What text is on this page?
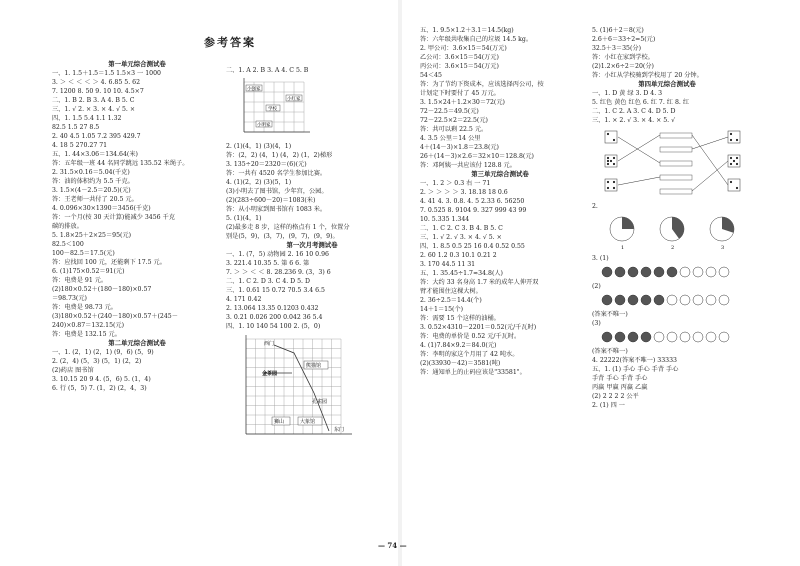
参考答案
第一单元综合测试卷
一、1. 1.5＋1.5＝1.5 1.5×3 一 1000
3. ＞ ＜ ＜ ＜ ＞ 4. 6.85 5. 62
7. 1200 8. 50 9. 10 10. 4.5×7
二、1. B 2. B 3. A 4. B 5. C
三、1. √ 2. × 3. × 4. √ 5. ×
四、1. 1.5 5.4 1.1 1.32
82.5 1.5 27 8.5
2. 40 4.5 1.05 7.2 395 429.7
4. 18 5 270.27 71
五、1. 44×3.06＝134.64(米)
答：五年级一班 44 名同学跳远 135.52 米绳子。
2. 31.5×0.16＝5.04(千克)
答：油的体积约为 5.5 千克。
3. 1.5×(4－2.5＝20.5)(元)
答：王老师一共付了 20.5 元。
4. 0.096×30×1390＝3456(千克)
答：一个月(按 30 天计算)能减少 3456 千克
碳的排放。
5. 1.8×25＋2×25＝95(元)
82.5＜100
100－82.5＝17.5(元)
答：应找回 100 元，还能剩下 17.5 元。
6. (1)175×0.52＝91(元)
答：电费是 91 元。
(2)180×0.52＋(180－180)×0.57
＝98.73(元)
答：电费是 98.73 元。
(3)180×0.52＋(240－180)×0.57＋(245－
240)×0.87＝132.15(元)
答：电费是 132.15 元。
第二单元综合测试卷
一、1. (2，1) (2，1) (9，6) (5，9)
2. (2，4) (5，3) (5，1) (2，2)
(2)药店 图书馆
3. 10.15 20 9 4. (5，6) 5. (1，4)
6. 行 (5，5) 7. (1，2) (2，4，3)
二、1. A 2. B 3. A 4. C 5. B
小强家
小红家
学校
小明家
2. (1)(4，1) (3)(4，1)
答：(2，2) (4，1) (4，2) (1，2)梯形
3. 135÷20＝2320＝(6)(元)
答：一共有 4520 名学生参加比赛。
4. (1)(2，2) (3)(5，1)
(3)小明去了图书馆，少年宫，公园。
(2)(283÷600－20)＝1083(米)
答：从小明家到图书馆有 1083 米。
5. (1)(4，1)
(2)最多走 8 步，这样的格点有 1 个，位置分
别是(5，9)，(3，7)，(9，7)，(9，9)。
第一次月考测试卷
一、1. (7，5) 动物园 2. 16 10 0.96
3. 221.4 10.35 5. 第 6 6. 第
7. ＞ ＞ ＜ ＜ 8. 28.236 9. (3，3) 6
二、1. C 2. D 3. C 4. D 5. D
三、1. 0.61 15 0.72 70.5 3.4 6.5
4. 171 0.42
2. 13.064 13.35 0.1203 0.432
3. 0.21 0.026 200 0.042 36 5.4
四、1. 10 140 54 100 2. (5，0)
西门
金茶园
熊猫馆
孔雀园
狮山	大象馆
东门
五、1. 9.5×1.2＋3.1＝14.5(kg)
答：六年级共收集自己的垃圾 14.5 kg。
2. 甲公司：3.6×15＝54(万元)
乙公司：3.6×15＝54(万元)
丙公司：3.6×15＝54(万元)
54＜45
答：为了节约下资成本，应该选择丙公司，按
计划定下时要付了 45 万元。
3. 1.5×24＋1.2×30＝72(元)
72－22.5＝49.5(元)
72－22.5×2＝22.5(元)
答：共可以剩 22.5 元。
4. 3.5 公里＝14 公里
4＋(14－3)×1.8＝23.8(元)
26＋(14－3)×2.6＝32×10＝128.8(元)
答：邓阿姨一共应该付 128.8 元。
第三单元综合测试卷
一、1. 2 ＞ 0.3 右 一 71
2. ＞ ＞ ＞ ＞ 3. 18.18 18 0.6
4. 41 4. 3. 0.8. 4. 5 2.33 6. 56250
7. 0.525 8. 9104 9. 327 999 43 99
10. 5.335 1.344
二、1. C 2. C 3. B 4. B 5. C
三、1. √ 2. √ 3. × 4. √ 5. ×
四、1. 8.5 0.5 25 16 0.4 0.52 0.55
2. 60 1.2 0.3 10.1 0.21 2
3. 170 44.5 11 31
五、1. 35.45÷1.7≈34.8(人)
答：大约 33 名身高 1.7 米的成年人伸开双
臂才能围住这棵大树。
2. 36÷2.5＝14.4(个)
14＋1＝15(个)
答：需要 15 个这样的油桶。
3. 0.52×4310－2201＝0.52(元/千瓦时)
答：电费的单价是 0.52 元/千瓦时。
4. (1)7.84×9.2＝84.0(元)
答：李明的家这个月用了 42 吨水。
(2)(33930－42)＝3581(吨)
答：通知单上的止码应该是"33581"。
5. (1)6＋2＝8(元)
2.6＋6＝33÷2=5(元)
32.5＋3＝35(分)
答：小红在家到学校。
(2)1.2×6÷2＝20(分)
答：小红从学校骑到学校用了 20 分钟。
第四单元综合测试卷
一、1. D 黄 绿 3. D 4. 3
5. 红色 黄色 红色 6. 红 7. 红 8. 红
二、1. C 2. A 3. C 4. D 5. D
三、1. × 2. √ 3. × 4. × 5. √
2.
1	2	3
3. (1)
(2)
(答案不唯一)
(3)
(答案不唯一)
4. 22222(答案不唯一) 33333
五、1. (1) 手心 手心 手背 手心
手背 手心 手背 手心
丙赢 甲赢 丙赢 乙赢
(2) 2 2 2 2 公平
2. (1) 四 一
— 74 —
